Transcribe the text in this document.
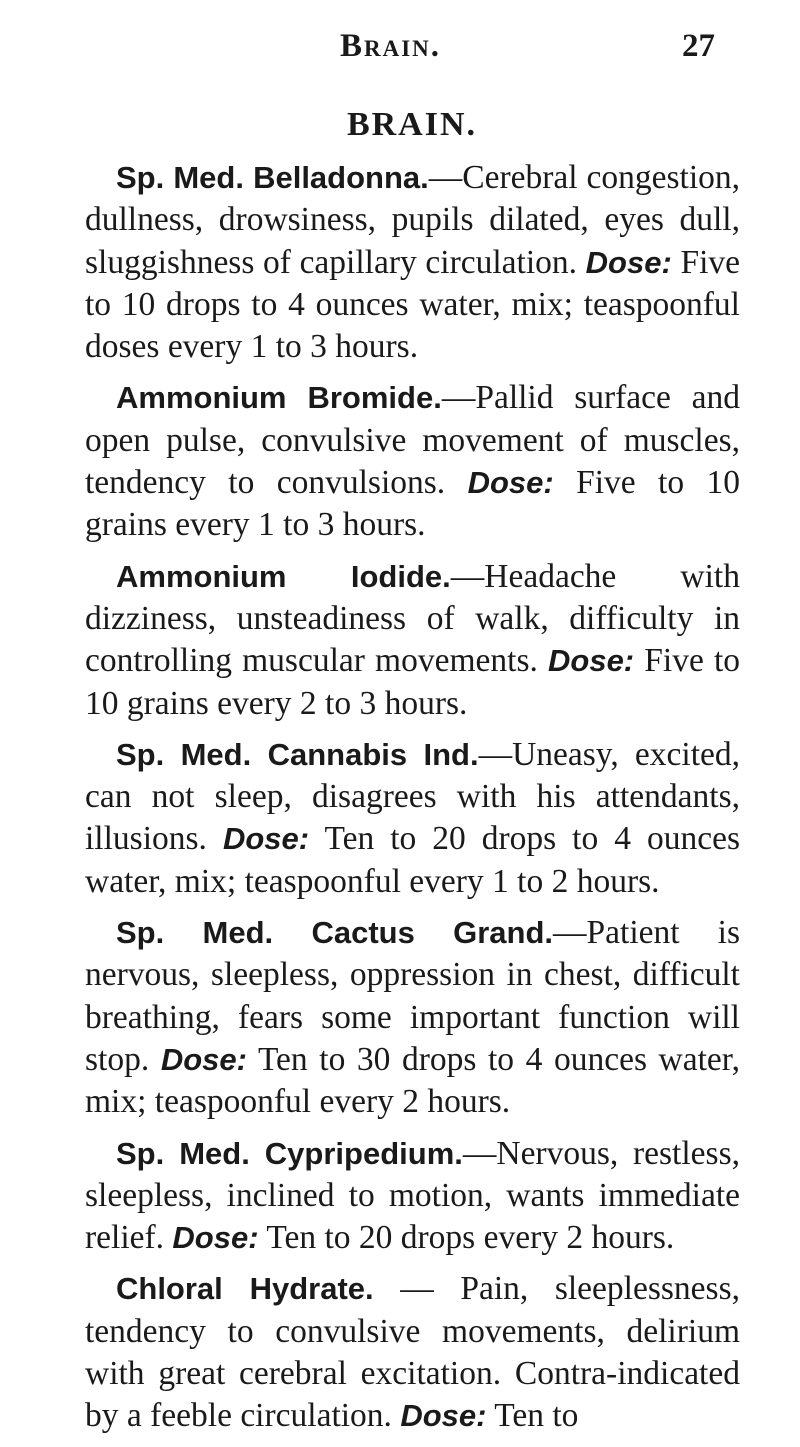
Brain.	27
BRAIN.

Sp. Med. Belladonna.—Cerebral congestion, dullness, drowsiness, pupils dilated, eyes dull, sluggishness of capillary circulation. Dose: Five to 10 drops to 4 ounces water, mix; teaspoonful doses every 1 to 3 hours.

Ammonium Bromide.—Pallid surface and open pulse, convulsive movement of muscles, tendency to convulsions. Dose: Five to 10 grains every 1 to 3 hours.

Ammonium Iodide.—Headache with dizziness, unsteadiness of walk, difficulty in controlling muscular movements. Dose: Five to 10 grains every 2 to 3 hours.

Sp. Med. Cannabis Ind.—Uneasy, excited, can not sleep, disagrees with his attendants, illusions. Dose: Ten to 20 drops to 4 ounces water, mix; teaspoonful every 1 to 2 hours.

Sp. Med. Cactus Grand.—Patient is nervous, sleepless, oppression in chest, difficult breathing, fears some important function will stop. Dose: Ten to 30 drops to 4 ounces water, mix; teaspoonful every 2 hours.

Sp. Med. Cypripedium.—Nervous, restless, sleepless, inclined to motion, wants immediate relief. Dose: Ten to 20 drops every 2 hours.

Chloral Hydrate. — Pain, sleeplessness, tendency to convulsive movements, delirium with great cerebral excitation. Contra-indicated by a feeble circulation. Dose: Ten to
